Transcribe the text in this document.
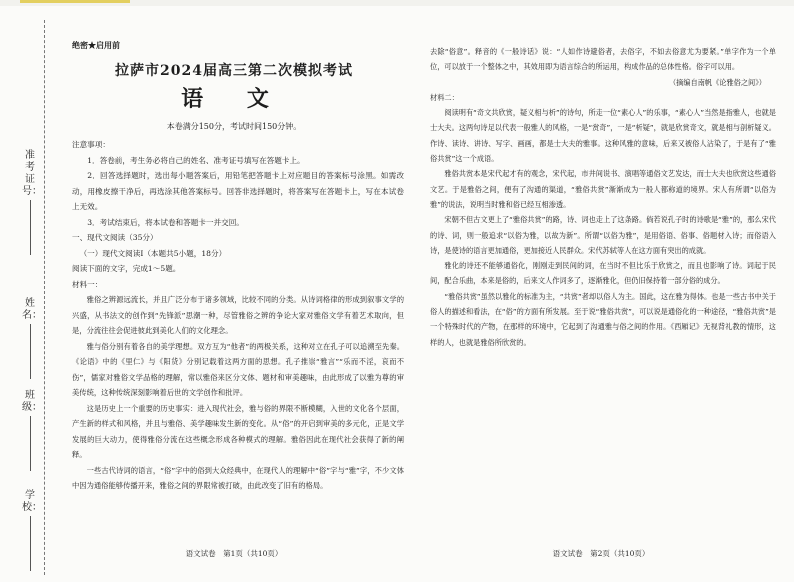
准考证号：
姓名：
班级：
学校：
绝密★启用前
拉萨市2024届高三第二次模拟考试
语 文
本卷满分150分，考试时间150分钟。

注意事项：

1．答卷前，考生务必将自己的姓名、准考证号填写在答题卡上。

2．回答选择题时，选出每小题答案后，用铅笔把答题卡上对应题目的答案标号涂黑。如需改动，用橡皮擦干净后，再选涂其他答案标号。回答非选择题时，将答案写在答题卡上，写在本试卷上无效。

3．考试结束后，将本试卷和答题卡一并交回。

一、现代文阅读（35分）

（一）现代文阅读Ⅰ（本题共5小题，18分）

阅读下面的文字，完成1～5题。

材料一：

雅俗之辨源远流长，并且广泛分布于诸多领域，比较不同的分类。从诗词格律的形成到叙事文学的兴盛，从书法文的创作到“先锋派”思潮一种，尽管雅俗之辨的争论大家对雅俗文学有着艺术取向，但是，分流往往会促进彼此到美化人们的文化理念。

雅与俗分别有着各自的美学理想。双方互为“他者”的两极关系，这种对立在孔子可以追溯至先秦。《论语》中的《里仁》与《阳货》分别记载着这两方面的思想。孔子推崇“雅言”“乐而不淫，哀而不伤”，儒家对雅俗文学品格的理解，常以雅俗来区分文体、题材和审美趣味，由此形成了以雅为尊的审美传统，这种传统深刻影响着后世的文学创作和批评。

这是历史上一个重要的历史事实：进入现代社会，雅与俗的界限不断模糊，入世的文化各个层面，产生新的样式和风格，并且与雅俗、美学趣味发生新的变化。从“俗”的开启到审美的多元化，正是文学发展的巨大动力，使得雅俗分流在这些概念形成各种模式的理解。雅俗因此在现代社会获得了新的阐释。

一些古代诗词的语言，“俗”字中的俗到大众经典中，在现代人的理解中“俗”字与“雅”字，不少文体中因为通俗能够传播开来，雅俗之间的界限常被打破，由此改变了旧有的格局。

去除“俗意”。释音的《一般诗话》说：“人如作诗避俗者，去俗字，不如去俗意尤为要紧。”单字作为一个单位，可以放于一个整体之中，其效用即为语言综合的所运用，构成作品的总体性格。俗字可以用。

（摘编自南帆《论雅俗之间》）

材料二：

阅读明有“奇文共欣赏，疑义相与析”的诗句，所走一位“素心人”的乐事，“素心人”当然是指雅人，也就是士大夫。这两句诗足以代表一般雅人的风格，一是“赏奇”，一是“析疑”，就是欣赏奇文，就是相与剖析疑义。作诗、读诗、讲诗、写字、画画，都是士大夫的雅事。这种风雅的意味，后来又被俗人沾染了，于是有了“雅俗共赏”这一个成语。

雅俗共赏本是宋代起才有的观念，宋代起，市井间说书、演唱等通俗文艺发达，而士大夫也欣赏这些通俗文艺。于是雅俗之间，便有了沟通的渠道，“雅俗共赏”渐渐成为一般人都称道的境界。宋人有所谓“以俗为雅”的说法，说明当时雅和俗已经互相渗透。

宋朝不但古文更上了“雅俗共赏”的路，诗、词也走上了这条路。倘若说孔子时的诗歌是“雅”的，那么宋代的诗、词，则一般追求“以俗为雅，以故为新”。所谓“以俗为雅”，是用俗语、俗事、俗题材入诗；而俗语入诗，是使诗的语言更加通俗，更加接近人民群众。宋代苏轼等人在这方面有突出的成就。

雅化的诗还不能够通俗化，刚刚走到民间的词，在当时不但比乐于欣赏之，而且也影响了诗。词起于民间，配合乐曲，本来是俗的，后来文人作词多了，逐渐雅化，但仍旧保持着一部分俗的成分。

“雅俗共赏”虽然以雅化的标准为主，“共赏”者却以俗人为主。国此，这在雅为得体。也是一些古书中关于俗人的描述和看法，在“俗”的方面有所发展。至于说“雅俗共赏”，可以说是通俗化的一种途径，“雅俗共赏”是一个特殊时代的产物，在那样的环境中，它起到了沟通雅与俗之间的作用。《西厢记》无视背礼教的情形，这样的人，也就是雅俗所欣赏的。

语文试卷　第1页（共10页）	语文试卷　第2页（共10页）
